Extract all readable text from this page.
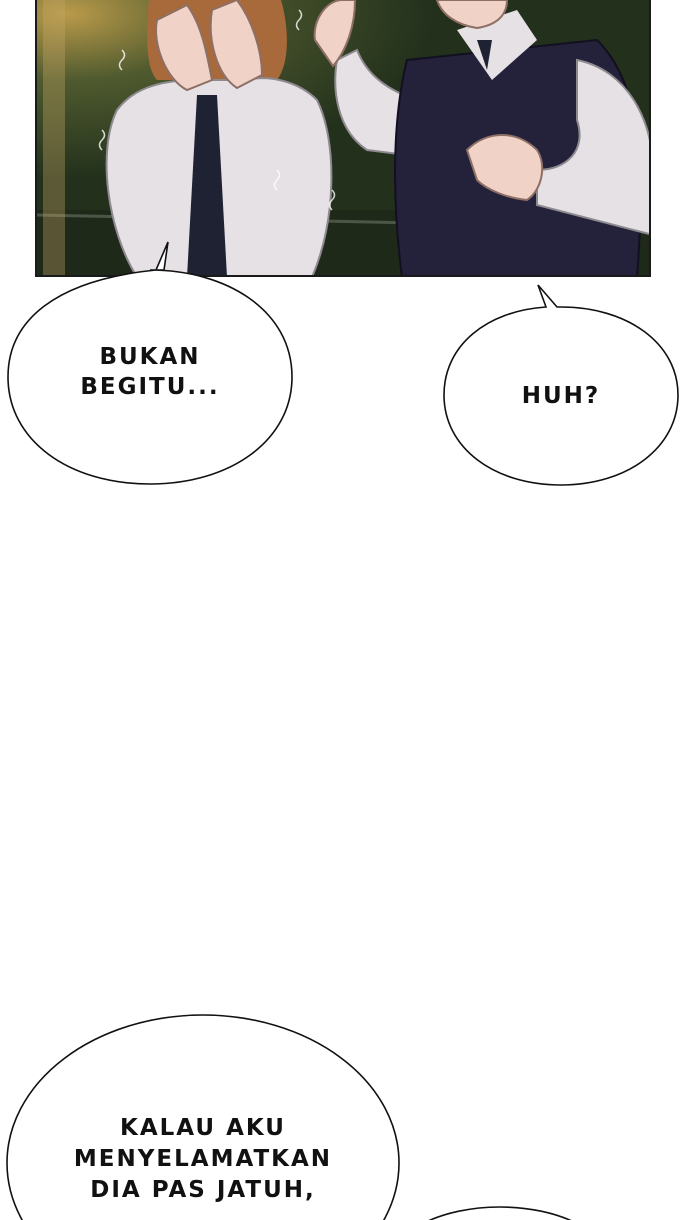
BUKAN
BEGITU...	HUH?
KALAU AKU
MENYELAMATKAN
DIA PAS JATUH,
